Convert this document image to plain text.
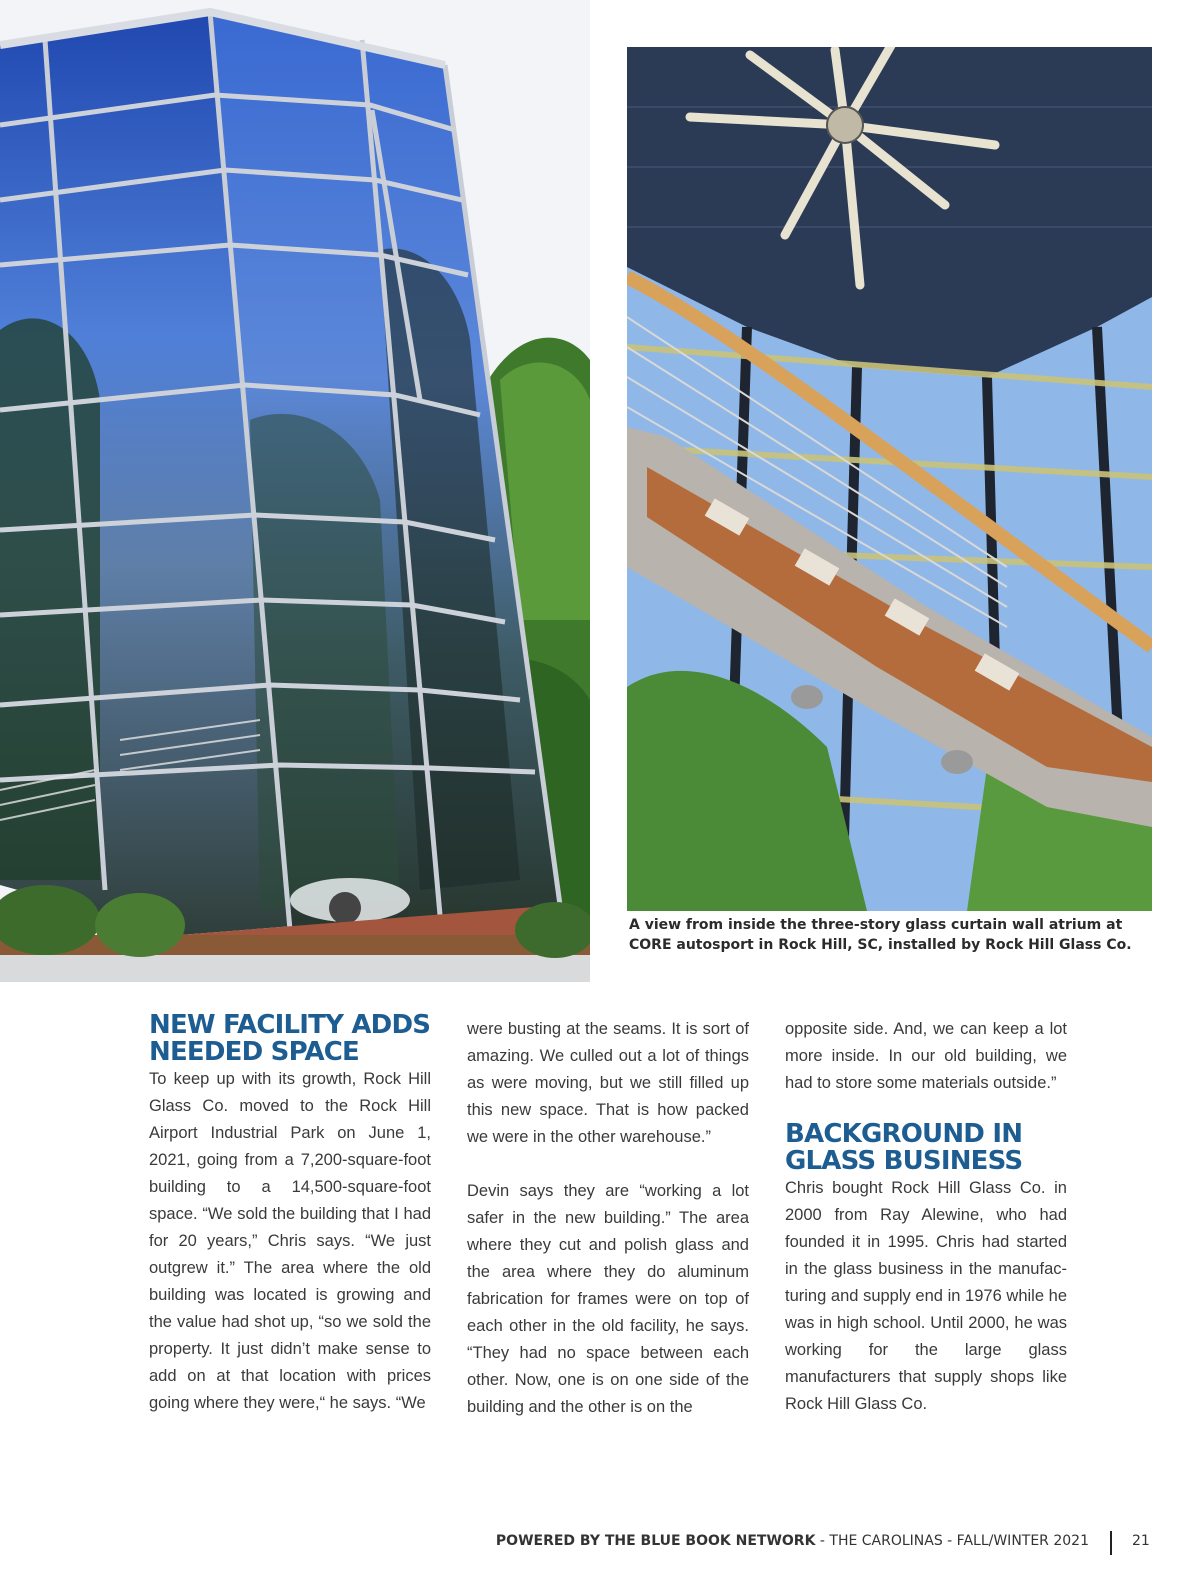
A view from inside the three-story glass curtain wall atrium at CORE autosport in Rock Hill, SC, installed by Rock Hill Glass Co.
NEW FACILITY ADDS NEEDED SPACE

To keep up with its growth, Rock Hill Glass Co. moved to the Rock Hill Airport Industrial Park on June 1, 2021, going from a 7,200-square-foot building to a 14,500-square-foot space. “We sold the building that I had for 20 years,” Chris says. “We just outgrew it.” The area where the old building was located is growing and the value had shot up, “so we sold the property. It just didn’t make sense to add on at that location with prices going where they were,“ he says. “We

were busting at the seams. It is sort of amazing. We culled out a lot of things as were moving, but we still filled up this new space. That is how packed we were in the other warehouse.”

Devin says they are “working a lot safer in the new building.” The area where they cut and polish glass and the area where they do aluminum fabrication for frames were on top of each other in the old facility, he says. “They had no space between each other. Now, one is on one side of the building and the other is on the

opposite side. And, we can keep a lot more inside. In our old building, we had to store some materials outside.”

BACKGROUND IN GLASS BUSINESS

Chris bought Rock Hill Glass Co. in 2000 from Ray Alewine, who had founded it in 1995. Chris had started in the glass business in the manufac-turing and supply end in 1976 while he was in high school. Until 2000, he was working for the large glass manufacturers that supply shops like Rock Hill Glass Co.

POWERED BY THE BLUE BOOK NETWORK - THE CAROLINAS - FALL/WINTER 2021	21
